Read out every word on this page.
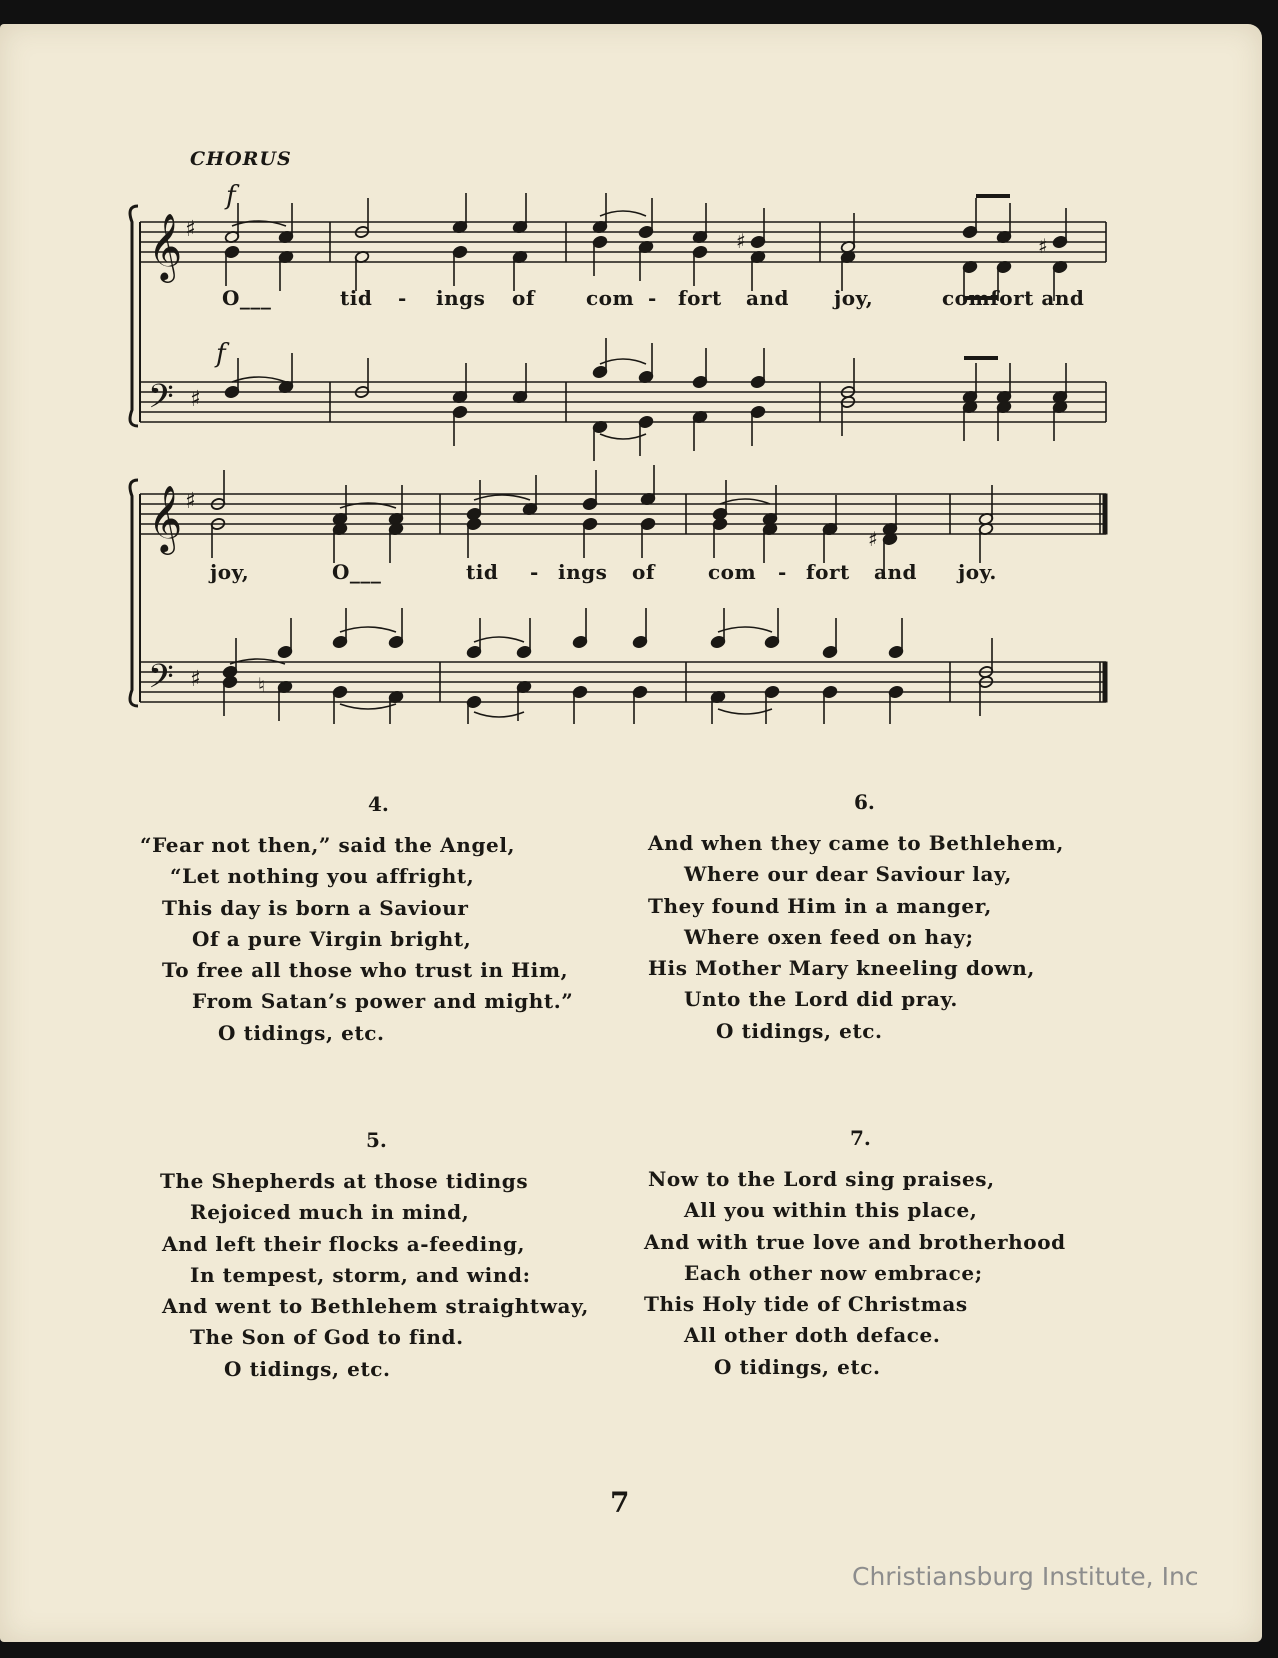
𝄞
𝄢
♯
♯
𝄞
𝄢
♯
♯
f
f
♯	♯
♯
♮
CHORUS
O___	tid - ings of	com - fort and joy,	comfort and
joy,	O___	tid - ings of	com - fort and joy.
4.
“Fear not then,” said the Angel,
“Let nothing you affright,
This day is born a Saviour
Of a pure Virgin bright,
To free all those who trust in Him,
From Satan’s power and might.”
O tidings, etc.
6.
And when they came to Bethlehem,
Where our dear Saviour lay,
They found Him in a manger,
Where oxen feed on hay;
His Mother Mary kneeling down,
Unto the Lord did pray.
O tidings, etc.
5.
The Shepherds at those tidings
Rejoiced much in mind,
And left their flocks a-feeding,
In tempest, storm, and wind:
And went to Bethlehem straightway,
The Son of God to find.
O tidings, etc.
7.
Now to the Lord sing praises,
All you within this place,
And with true love and brotherhood
Each other now embrace;
This Holy tide of Christmas
All other doth deface.
O tidings, etc.
7
Christiansburg Institute, Inc
